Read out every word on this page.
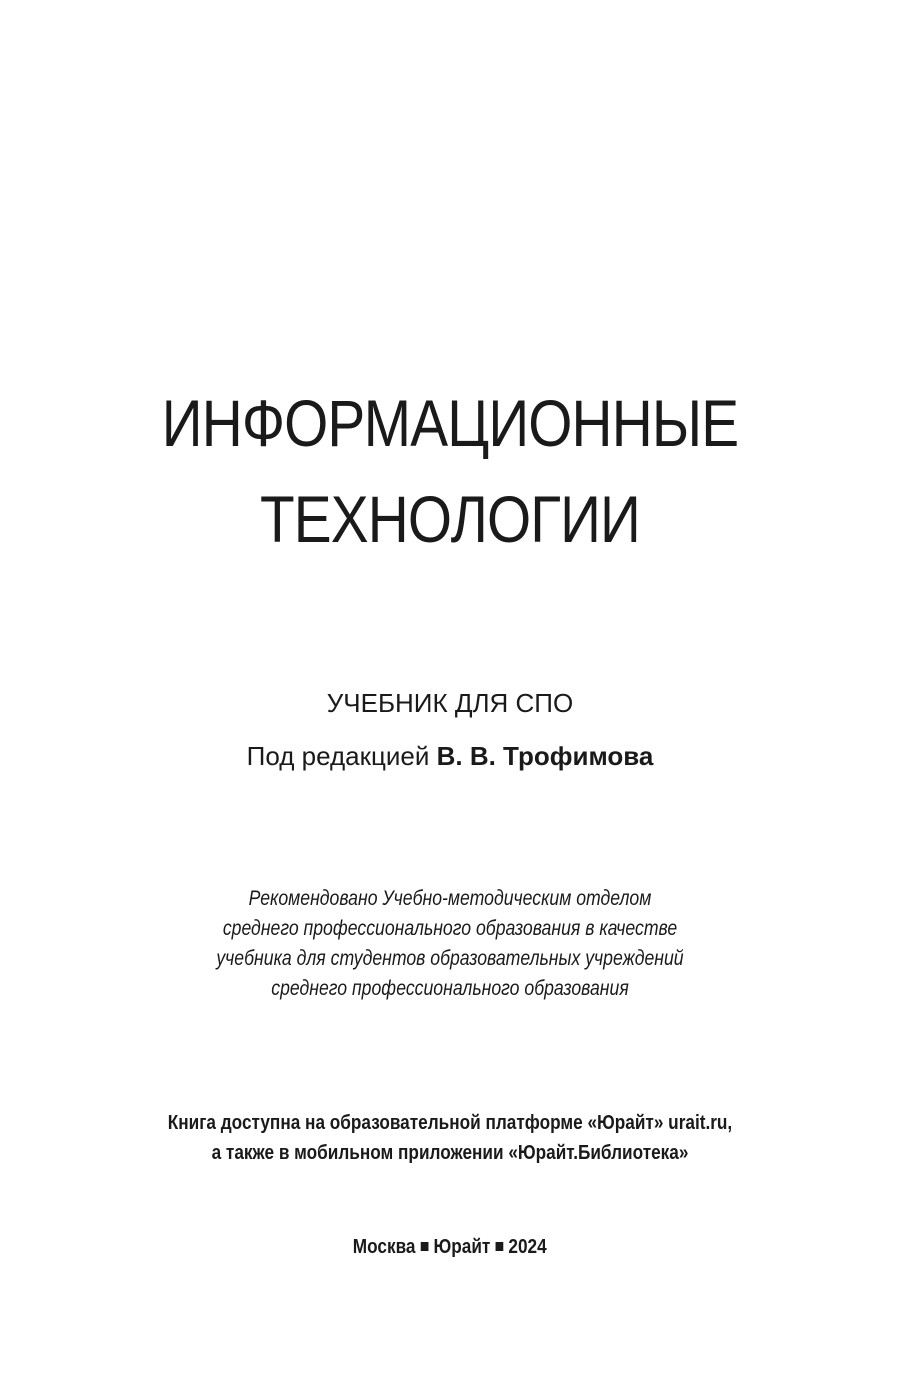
ИНФОРМАЦИОННЫЕ
ТЕХНОЛОГИИ
УЧЕБНИК ДЛЯ СПО
Под редакцией В. В. Трофимова
Рекомендовано Учебно-методическим отделом
среднего профессионального образования в качестве
учебника для студентов образовательных учреждений
среднего профессионального образования
Книга доступна на образовательной платформе «Юрайт» urait.ru,
а также в мобильном приложении «Юрайт.Библиотека»
Москва Юрайт 2024
